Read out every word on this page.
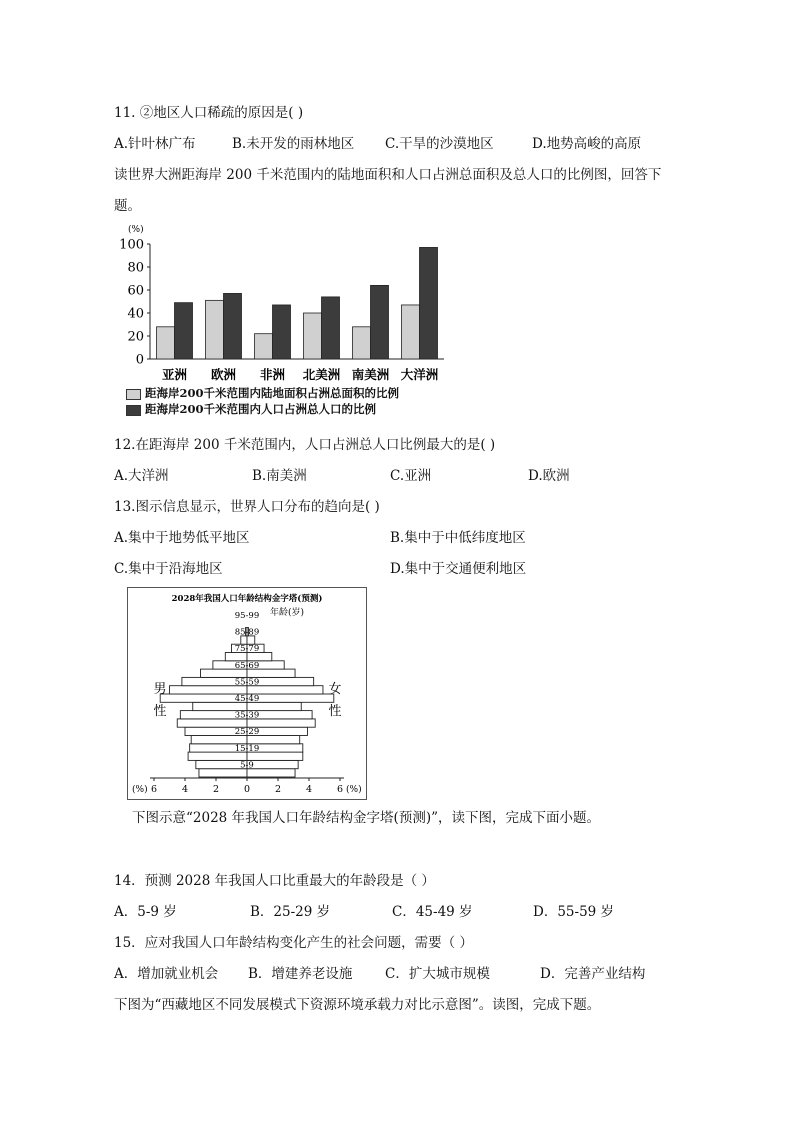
11. ②地区人口稀疏的原因是( )
A.针叶林广布	B.未开发的雨林地区 C.干旱的沙漠地区	D.地势高峻的高原
读世界大洲距海岸 200 千米范围内的陆地面积和人口占洲总面积及总人口的比例图，回答下
题。
(%)
100
80
60
40
20
0
亚洲 欧洲 非洲 北美洲 南美洲 大洋洲
距海岸200千米范围内陆地面积占洲总面积的比例
距海岸200千米范围内人口占洲总人口的比例
12.在距海岸 200 千米范围内，人口占洲总人口比例最大的是( )
A.大洋洲	B.南美洲	C.亚洲	D.欧洲
13.图示信息显示，世界人口分布的趋向是( )
A.集中于地势低平地区	B.集中于中低纬度地区
C.集中于沿海地区	D.集中于交通便利地区
2028年我国人口年龄结构金字塔(预测)
年龄(岁)
5-9
15-19
25-29
35-39
45-49
55-59
65-69
75-79
85-89
95-99
6	4	2	0	2	4	6
男
性
女
性
(%)	(%)
下图示意“2028 年我国人口年龄结构金字塔(预测)”，读下图，完成下面小题。
14．预测 2028 年我国人口比重最大的年龄段是（ ）
A．5-9 岁	B．25-29 岁	C．45-49 岁	D．55-59 岁
15．应对我国人口年龄结构变化产生的社会问题，需要（ ）
A．增加就业机会 B．增建养老设施 C．扩大城市规模	D．完善产业结构
下图为“西藏地区不同发展模式下资源环境承载力对比示意图”。读图，完成下题。
